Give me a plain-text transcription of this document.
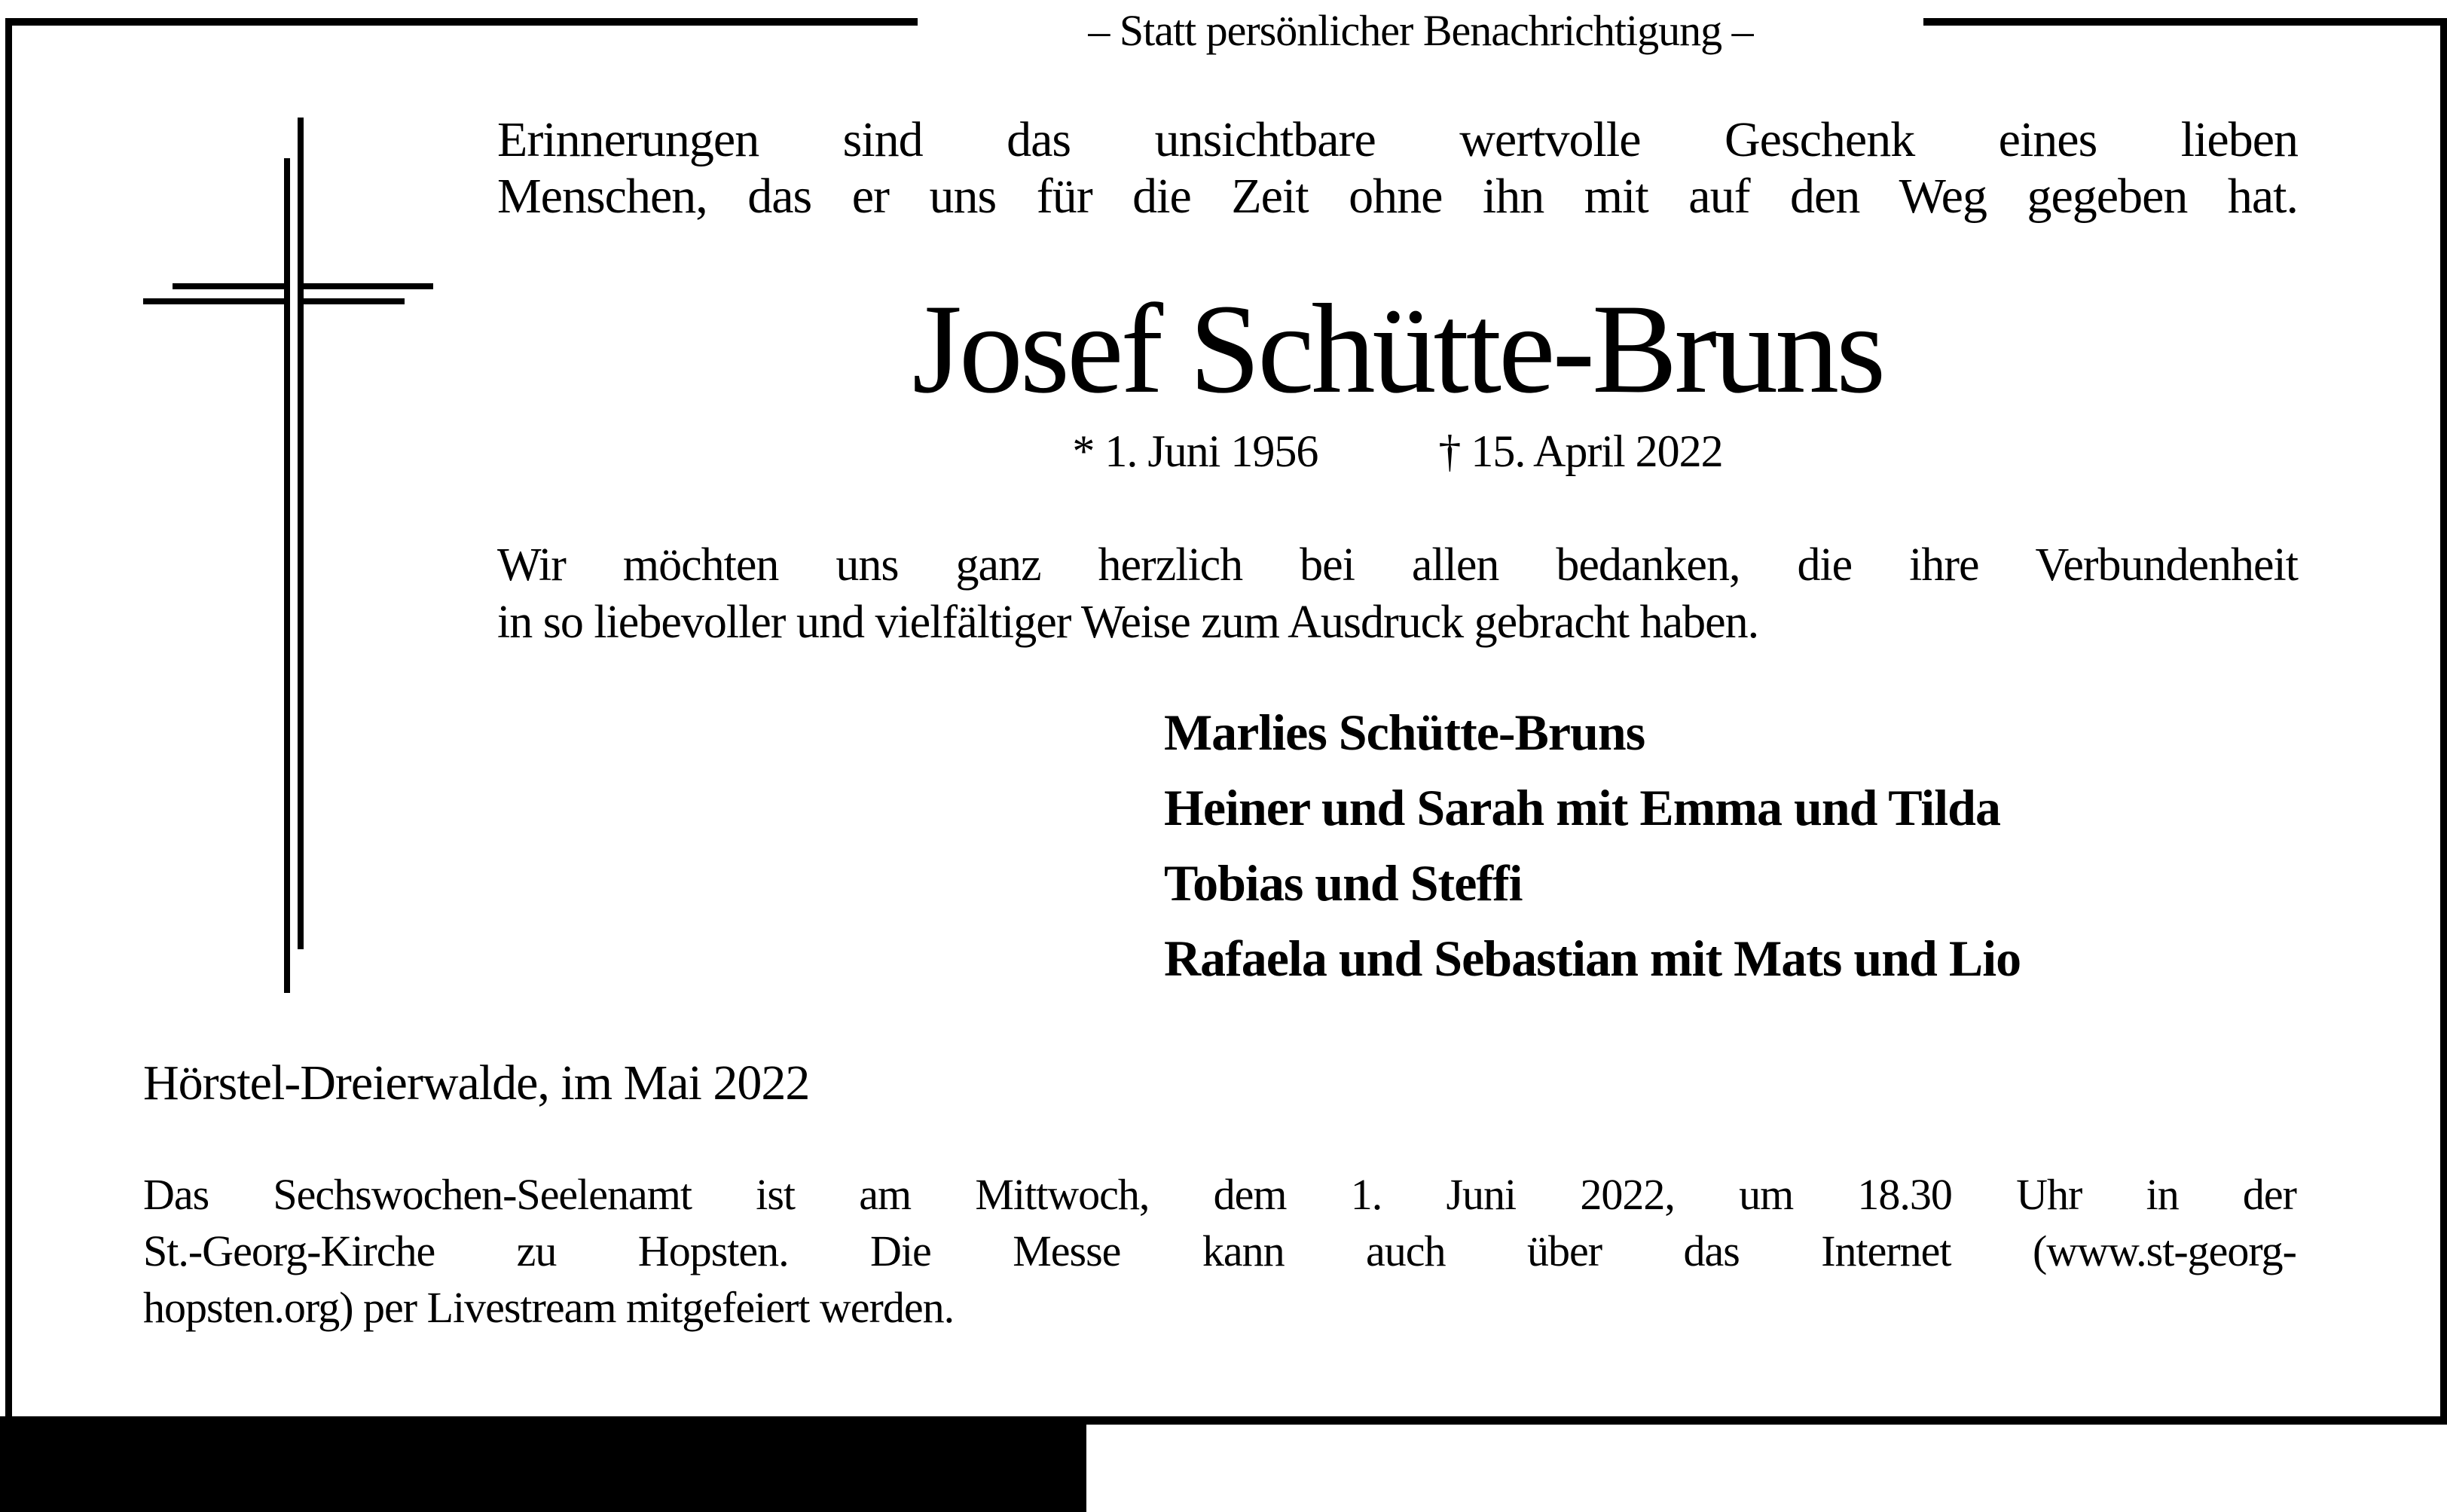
– Statt persönlicher Benachrichtigung –
Erinnerungen sind das unsichtbare wertvolle Geschenk eines lieben
Menschen, das er uns für die Zeit ohne ihn mit auf den Weg gegeben hat.
Josef Schütte-Bruns
* 1. Juni 1956	† 15. April 2022
Wir möchten uns ganz herzlich bei allen bedanken, die ihre Verbundenheit
in so liebevoller und vielfältiger Weise zum Ausdruck gebracht haben.
Marlies Schütte-Bruns
Heiner und Sarah mit Emma und Tilda
Tobias und Steffi
Rafaela und Sebastian mit Mats und Lio
Hörstel-Dreierwalde, im Mai 2022
Das Sechswochen-Seelenamt ist am Mittwoch, dem 1. Juni 2022, um 18.30 Uhr in der
St.-Georg-Kirche zu Hopsten. Die Messe kann auch über das Internet (www.st-georg-
hopsten.org) per Livestream mitgefeiert werden.
